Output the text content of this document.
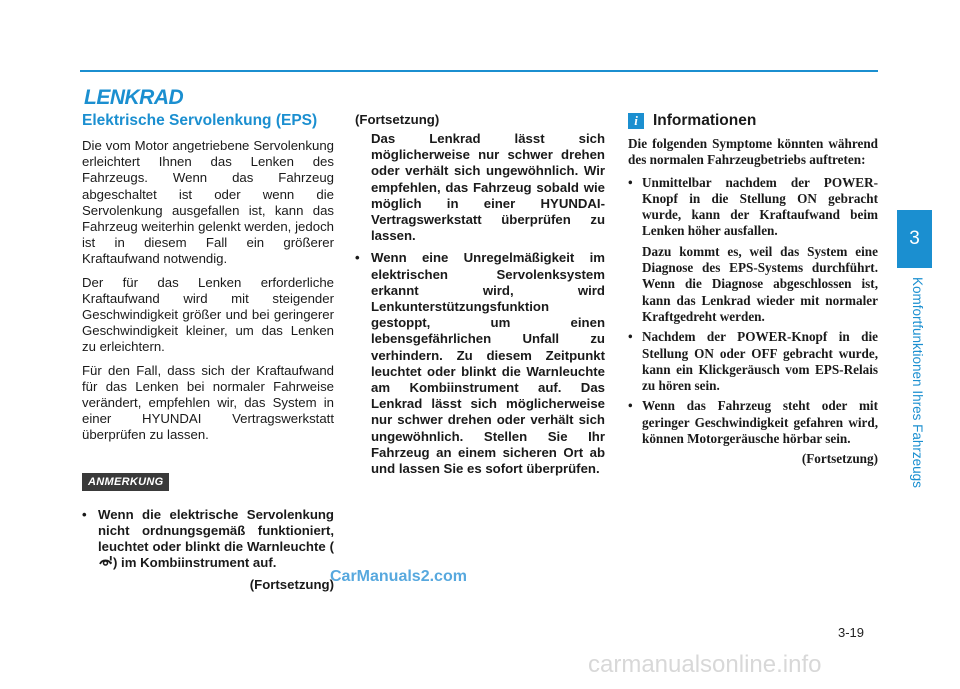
LENKRAD
Elektrische Servolenkung (EPS)

Die vom Motor angetriebene Servolenkung erleichtert Ihnen das Lenken des Fahrzeugs. Wenn das Fahrzeug abgeschaltet ist oder wenn die Servolenkung ausgefallen ist, kann das Fahrzeug weiterhin gelenkt werden, jedoch ist in diesem Fall ein größerer Kraftaufwand notwendig.

Der für das Lenken erforderliche Kraftaufwand wird mit steigender Geschwindigkeit größer und bei geringerer Geschwindigkeit kleiner, um das Lenken zu erleichtern.

Für den Fall, dass sich der Kraftaufwand für das Lenken bei normaler Fahrweise verändert, empfehlen wir, das System in einer HYUNDAI Vertragswerkstatt überprüfen zu lassen.

ANMERKUNG
• Wenn die elektrische Servolenkung nicht ordnungsgemäß funktioniert, leuchtet oder blinkt die Warnleuchte () im Kombiinstrument auf.
(Fortsetzung)
(Fortsetzung)
Das Lenkrad lässt sich möglicherweise nur schwer drehen oder verhält sich ungewöhnlich. Wir empfehlen, das Fahrzeug sobald wie möglich in einer HYUNDAI-Vertragswerkstatt überprüfen zu lassen.
• Wenn eine Unregelmäßigkeit im elektrischen Servolenksystem erkannt wird, wird Lenkunterstützungsfunktion gestoppt, um einen lebensgefährlichen Unfall zu verhindern. Zu diesem Zeitpunkt leuchtet oder blinkt die Warnleuchte am Kombiinstrument auf. Das Lenkrad lässt sich möglicherweise nur schwer drehen oder verhält sich ungewöhnlich. Stellen Sie Ihr Fahrzeug an einem sicheren Ort ab und lassen Sie es sofort überprüfen.
i Informationen

Die folgenden Symptome könnten während des normalen Fahrzeugbetriebs auftreten:

• Unmittelbar nachdem der POWER-Knopf in die Stellung ON gebracht wurde, kann der Kraftaufwand beim Lenken höher ausfallen.
Dazu kommt es, weil das System eine Diagnose des EPS-Systems durchführt. Wenn die Diagnose abgeschlossen ist, kann das Lenkrad wieder mit normaler Kraftgedreht werden.
• Nachdem der POWER-Knopf in die Stellung ON oder OFF gebracht wurde, kann ein Klickgeräusch vom EPS-Relais zu hören sein.
• Wenn das Fahrzeug steht oder mit geringer Geschwindigkeit gefahren wird, können Motorgeräusche hörbar sein.
(Fortsetzung)
3
Komfortfunktionen Ihres Fahrzeugs
3-19
CarManuals2.com
carmanualsonline.info
